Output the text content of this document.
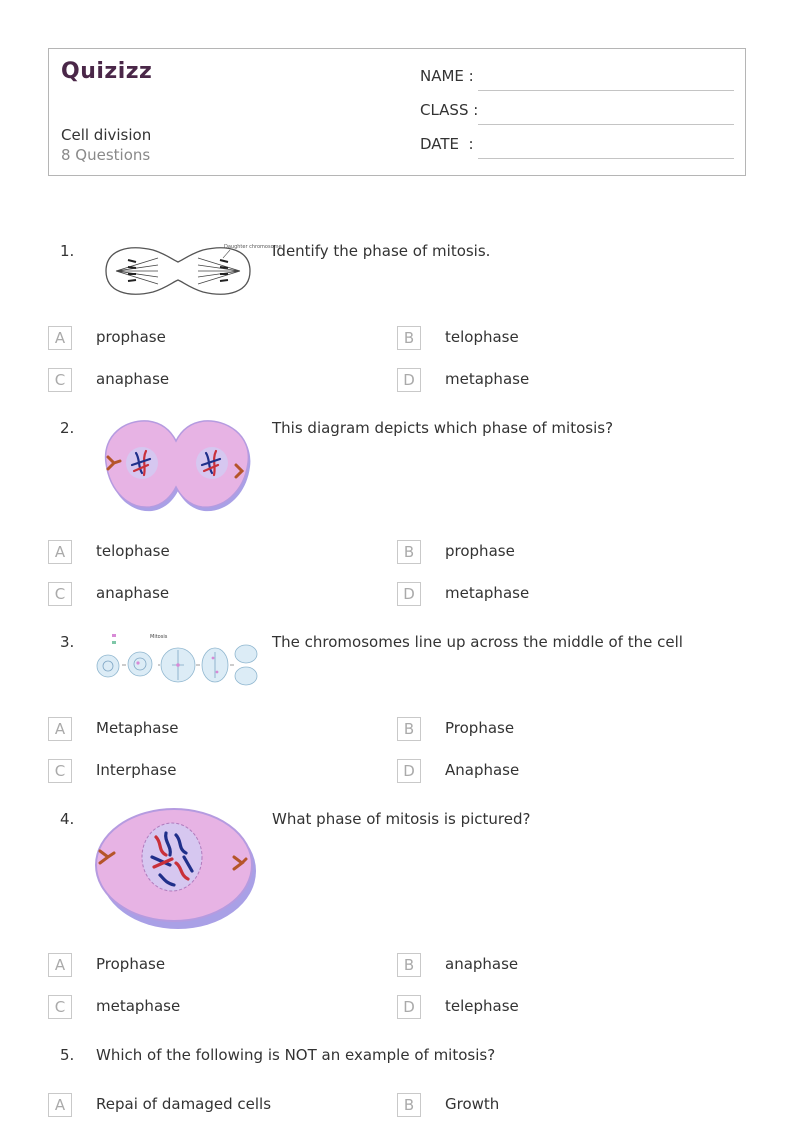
Quizizz
Cell division
8 Questions
NAME :
CLASS :
DATE  :
1.	Daughter chromosome
Identify the phase of mitosis.
A	prophase	B	telophase
C	anaphase	D	metaphase
2.	This diagram depicts which phase of mitosis?
A	telophase	B	prophase
C	anaphase	D	metaphase
3.	Mitosis	The chromosomes line up across the middle of the cell
A	Metaphase	B	Prophase
C	Interphase	D	Anaphase
4.	What phase of mitosis is pictured?
A	Prophase	B	anaphase
C	metaphase	D	telephase
5. Which of the following is NOT an example of mitosis?
A	Repai of damaged cells	B	Growth
